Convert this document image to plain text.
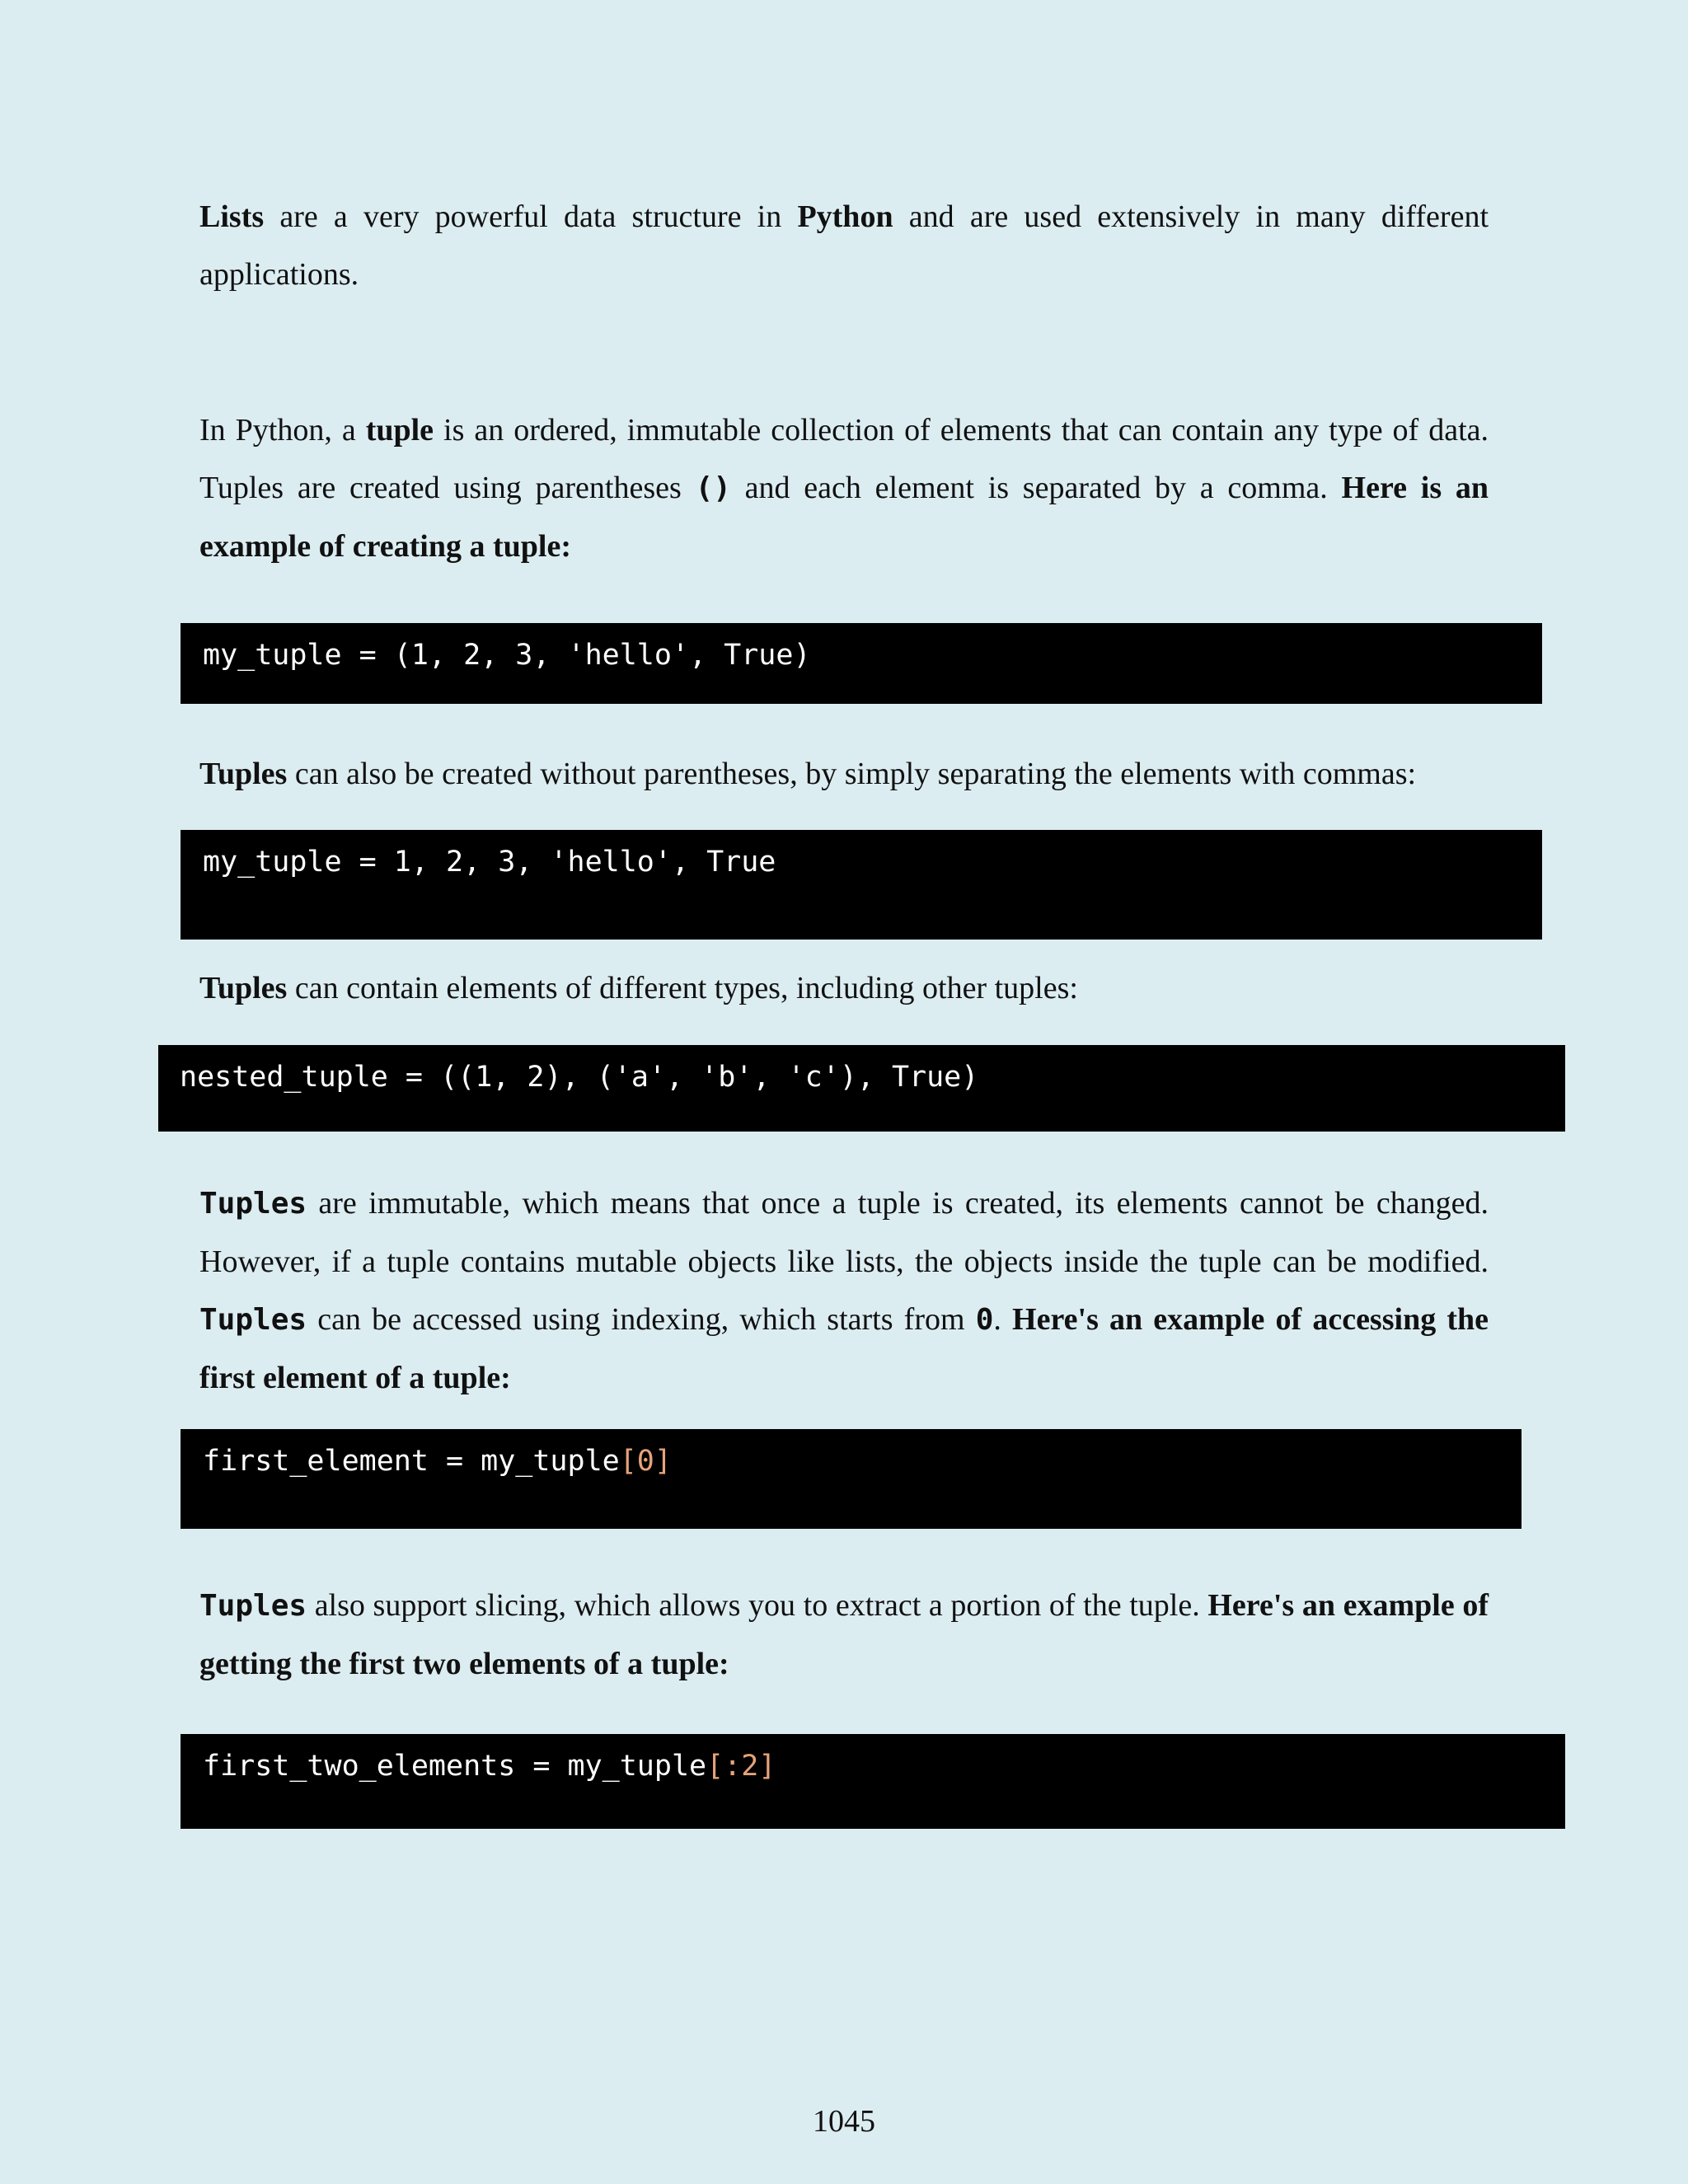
Lists are a very powerful data structure in Python and are used extensively in many different applications.

In Python, a tuple is an ordered, immutable collection of elements that can contain any type of data. Tuples are created using parentheses () and each element is separated by a comma. Here is an example of creating a tuple:

my_tuple = (1, 2, 3, 'hello', True)

Tuples can also be created without parentheses, by simply separating the elements with commas:

my_tuple = 1, 2, 3, 'hello', True

Tuples can contain elements of different types, including other tuples:

nested_tuple = ((1, 2), ('a', 'b', 'c'), True)

Tuples are immutable, which means that once a tuple is created, its elements cannot be changed. However, if a tuple contains mutable objects like lists, the objects inside the tuple can be modified. Tuples can be accessed using indexing, which starts from 0. Here's an example of accessing the first element of a tuple:

first_element = my_tuple[0]

Tuples also support slicing, which allows you to extract a portion of the tuple. Here's an example of getting the first two elements of a tuple:

first_two_elements = my_tuple[:2]
1045
